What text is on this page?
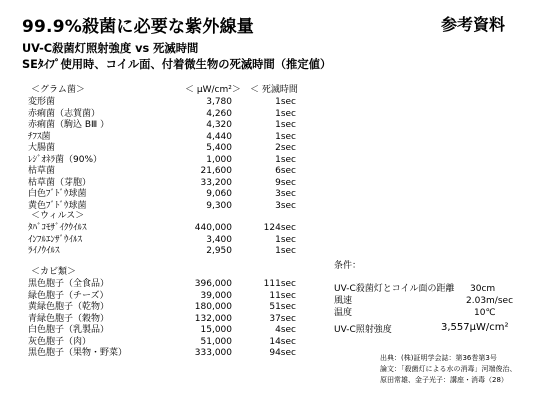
99.9%殺菌に必要な紫外線量	参考資料
UV-C殺菌灯照射強度 vs 死滅時間
SEﾀｲﾌﾟ使用時、コイル面、付着微生物の死滅時間（推定値）
＜ μW/cm²＞ ＜ 死滅時間
＜グラム菌＞
変形菌	3,780	1sec
赤痢菌（志賀菌）	4,260	1sec
赤痢菌（駒込 BⅢ ）	4,320	1sec
ﾁﾌｽ菌	4,440	1sec
大腸菌	5,400	2sec
ﾚｼﾞｵﾈﾗ菌（90%）	1,000	1sec
枯草菌	21,600	6sec
枯草菌（芽胞）	33,200	9sec
白色ﾌﾞﾄﾞｳ球菌	9,060	3sec
黄色ﾌﾞﾄﾞｳ球菌	9,300	3sec
＜ウィルス＞
ﾀﾊﾞｺﾓｻﾞｲｸｳｲﾙｽ	440,000	124sec
ｲﾝﾌﾙｴﾝｻﾞｳｲﾙｽ	3,400	1sec
ﾗｲﾉｳｲﾙｽ	2,950	1sec
＜カビ類＞
黒色胞子（全食品）	396,000	111sec
緑色胞子（チーズ）	39,000	11sec
黄緑色胞子（乾物）	180,000	51sec
青緑色胞子（穀物）	132,000	37sec
白色胞子（乳製品）	15,000	4sec
灰色胞子（肉）	51,000	14sec
黒色胞子（果物・野菜）	333,000	94sec
条件：
UV-C殺菌灯とコイル面の距離 30cm
風速	2.03m/sec
温度	10℃
UV-C照射強度	3,557μW/cm²
出典：(株)証明学会誌：第36巻第3号
論文：「殺菌灯による水の消毒」河端俊治、
原田常雄、金子光子：講座・消毒（28）
